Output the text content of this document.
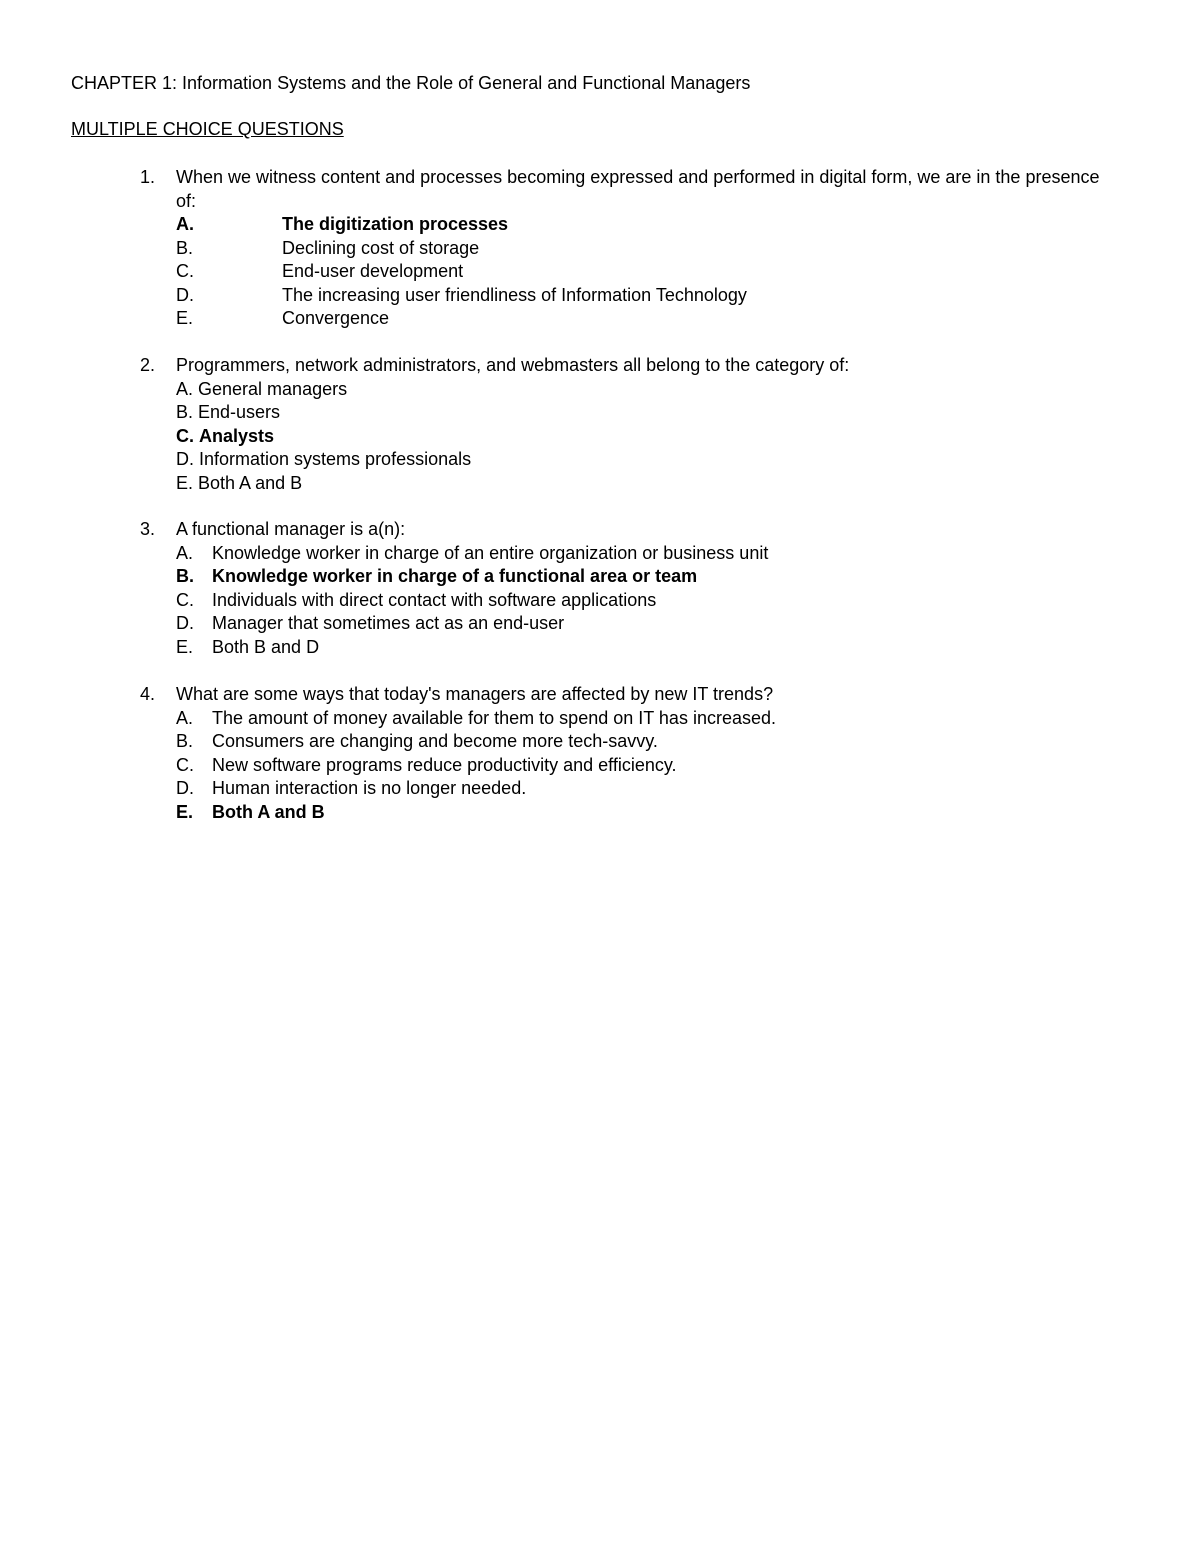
CHAPTER 1: Information Systems and the Role of General and Functional Managers
MULTIPLE CHOICE QUESTIONS
1.	When we witness content and processes becoming expressed and performed in digital form, we are in the presence of:
A.	The digitization processes
B.	Declining cost of storage
C.	End-user development
D.	The increasing user friendliness of Information Technology
E.	Convergence
2.	Programmers, network administrators, and webmasters all belong to the category of:
A. General managers
B. End-users
C. Analysts
D. Information systems professionals
E. Both A and B
3.	A functional manager is a(n):
A.	Knowledge worker in charge of an entire organization or business unit
B.	Knowledge worker in charge of a functional area or team
C.	Individuals with direct contact with software applications
D.	Manager that sometimes act as an end-user
E.	Both B and D
4.	What are some ways that today's managers are affected by new IT trends?
A.	The amount of money available for them to spend on IT has increased.
B.	Consumers are changing and become more tech-savvy.
C.	New software programs reduce productivity and efficiency.
D.	Human interaction is no longer needed.
E.	Both A and B
